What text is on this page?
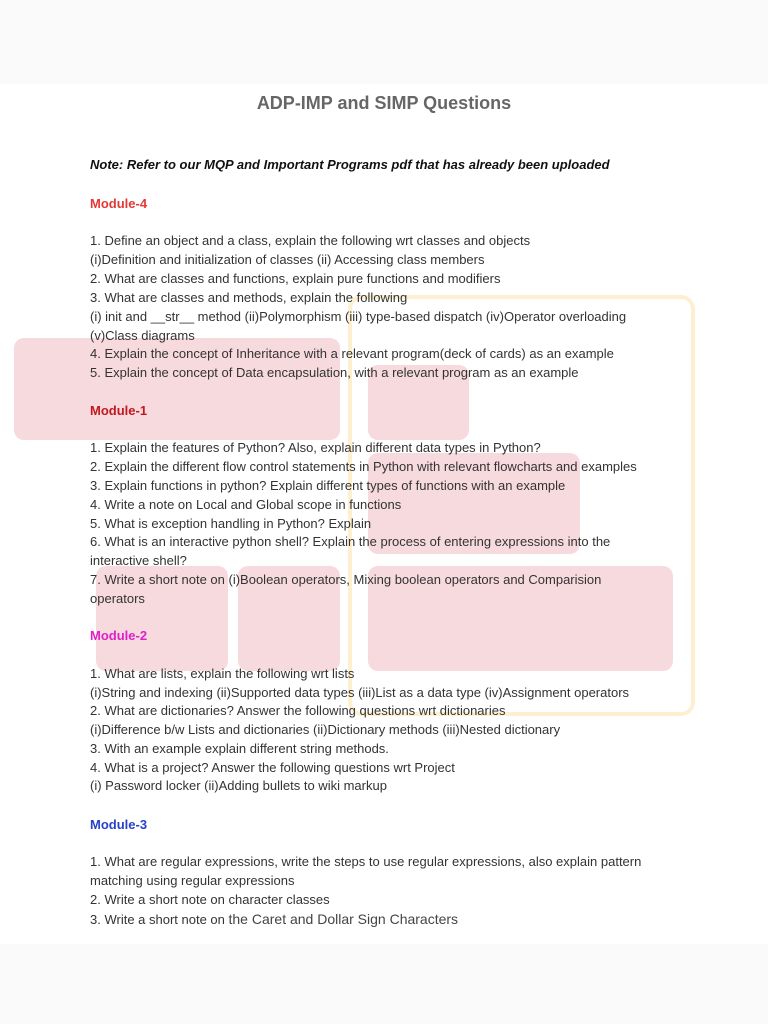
ADP-IMP and SIMP Questions
Note: Refer to our MQP and Important Programs pdf that has already been uploaded
Module-4
1. Define an object and a class, explain the following wrt classes and objects
(i)Definition and initialization of classes (ii) Accessing class members
2. What are classes and functions, explain pure functions and modifiers
3. What are classes and methods, explain the following
(i) init and __str__ method (ii)Polymorphism (iii) type-based dispatch (iv)Operator overloading
(v)Class diagrams
4. Explain the concept of Inheritance with a relevant program(deck of cards) as an example
5. Explain the concept of Data encapsulation, with a relevant program as an example
Module-1
1. Explain the features of Python? Also, explain different data types in Python?
2. Explain the different flow control statements in Python with relevant flowcharts and examples
3. Explain functions in python? Explain different types of functions with an example
4. Write a note on Local and Global scope in functions
5. What is exception handling in Python? Explain
6. What is an interactive python shell? Explain the process of entering expressions into the
interactive shell?
7. Write a short note on (i)Boolean operators, Mixing boolean operators and Comparision
operators
Module-2
1. What are lists, explain the following wrt lists
(i)String and indexing (ii)Supported data types (iii)List as a data type (iv)Assignment operators
2. What are dictionaries? Answer the following questions wrt dictionaries
(i)Difference b/w Lists and dictionaries (ii)Dictionary methods (iii)Nested dictionary
3. With an example explain different string methods.
4. What is a project? Answer the following questions wrt Project
(i) Password locker (ii)Adding bullets to wiki markup
Module-3
1. What are regular expressions, write the steps to use regular expressions, also explain pattern
matching using regular expressions
2. Write a short note on character classes
3. Write a short note on the Caret and Dollar Sign Characters
